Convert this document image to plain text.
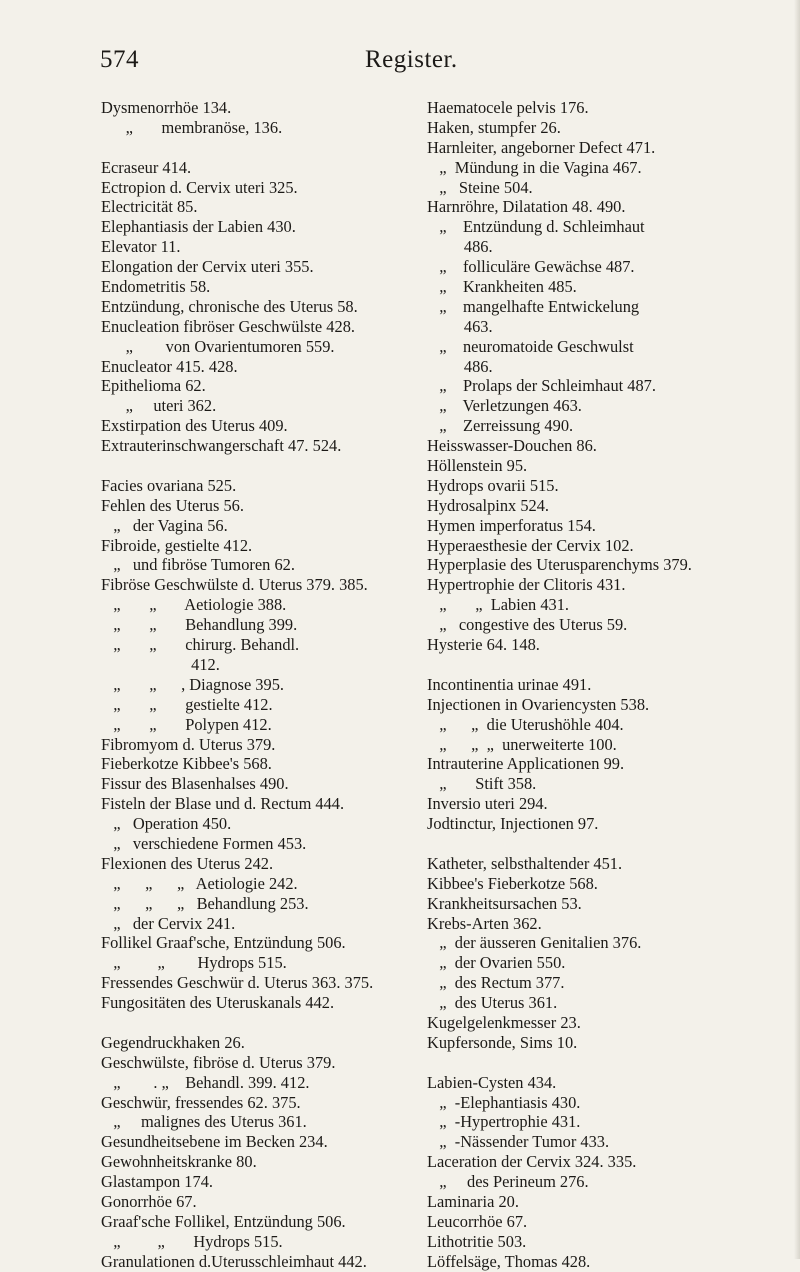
574	Register.
Dysmenorrhöe 134.
„       membranöse, 136.
Ecraseur 414.
Ectropion d. Cervix uteri 325.
Electricität 85.
Elephantiasis der Labien 430.
Elevator 11.
Elongation der Cervix uteri 355.
Endometritis 58.
Entzündung, chronische des Uterus 58.
Enucleation fibröser Geschwülste 428.
„        von Ovarientumoren 559.
Enucleator 415. 428.
Epithelioma 62.
„     uteri 362.
Exstirpation des Uterus 409.
Extrauterinschwangerschaft 47. 524.
Facies ovariana 525.
Fehlen des Uterus 56.
„   der Vagina 56.
Fibroide, gestielte 412.
„   und fibröse Tumoren 62.
Fibröse Geschwülste d. Uterus 379. 385.
„       „       Aetiologie 388.
„       „       Behandlung 399.
„       „       chirurg. Behandl.
412.
„       „      , Diagnose 395.
„       „       gestielte 412.
„       „       Polypen 412.
Fibromyom d. Uterus 379.
Fieberkotze Kibbee's 568.
Fissur des Blasenhalses 490.
Fisteln der Blase und d. Rectum 444.
„   Operation 450.
„   verschiedene Formen 453.
Flexionen des Uterus 242.
„      „      „   Aetiologie 242.
„      „      „   Behandlung 253.
„   der Cervix 241.
Follikel Graaf'sche, Entzündung 506.
„         „        Hydrops 515.
Fressendes Geschwür d. Uterus 363. 375.
Fungositäten des Uteruskanals 442.
Gegendruckhaken 26.
Geschwülste, fibröse d. Uterus 379.
„        . „    Behandl. 399. 412.
Geschwür, fressendes 62. 375.
„     malignes des Uterus 361.
Gesundheitsebene im Becken 234.
Gewohnheitskranke 80.
Glastampon 174.
Gonorrhöe 67.
Graaf'sche Follikel, Entzündung 506.
„         „       Hydrops 515.
Granulationen d.Uterusschleimhaut 442.
Haematocele pelvis 176.
Haken, stumpfer 26.
Harnleiter, angeborner Defect 471.
„  Mündung in die Vagina 467.
„   Steine 504.
Harnröhre, Dilatation 48. 490.
„    Entzündung d. Schleimhaut
486.
„    folliculäre Gewächse 487.
„    Krankheiten 485.
„    mangelhafte Entwickelung
463.
„    neuromatoide Geschwulst
486.
„    Prolaps der Schleimhaut 487.
„    Verletzungen 463.
„    Zerreissung 490.
Heisswasser-Douchen 86.
Höllenstein 95.
Hydrops ovarii 515.
Hydrosalpinx 524.
Hymen imperforatus 154.
Hyperaesthesie der Cervix 102.
Hyperplasie des Uterusparenchyms 379.
Hypertrophie der Clitoris 431.
„       „  Labien 431.
„   congestive des Uterus 59.
Hysterie 64. 148.
Incontinentia urinae 491.
Injectionen in Ovariencysten 538.
„      „  die Uterushöhle 404.
„      „  „  unerweiterte 100.
Intrauterine Applicationen 99.
„       Stift 358.
Inversio uteri 294.
Jodtinctur, Injectionen 97.
Katheter, selbsthaltender 451.
Kibbee's Fieberkotze 568.
Krankheitsursachen 53.
Krebs-Arten 362.
„  der äusseren Genitalien 376.
„  der Ovarien 550.
„  des Rectum 377.
„  des Uterus 361.
Kugelgelenkmesser 23.
Kupfersonde, Sims 10.
Labien-Cysten 434.
„  -Elephantiasis 430.
„  -Hypertrophie 431.
„  -Nässender Tumor 433.
Laceration der Cervix 324. 335.
„     des Perineum 276.
Laminaria 20.
Leucorrhöe 67.
Lithotritie 503.
Löffelsäge, Thomas 428.
